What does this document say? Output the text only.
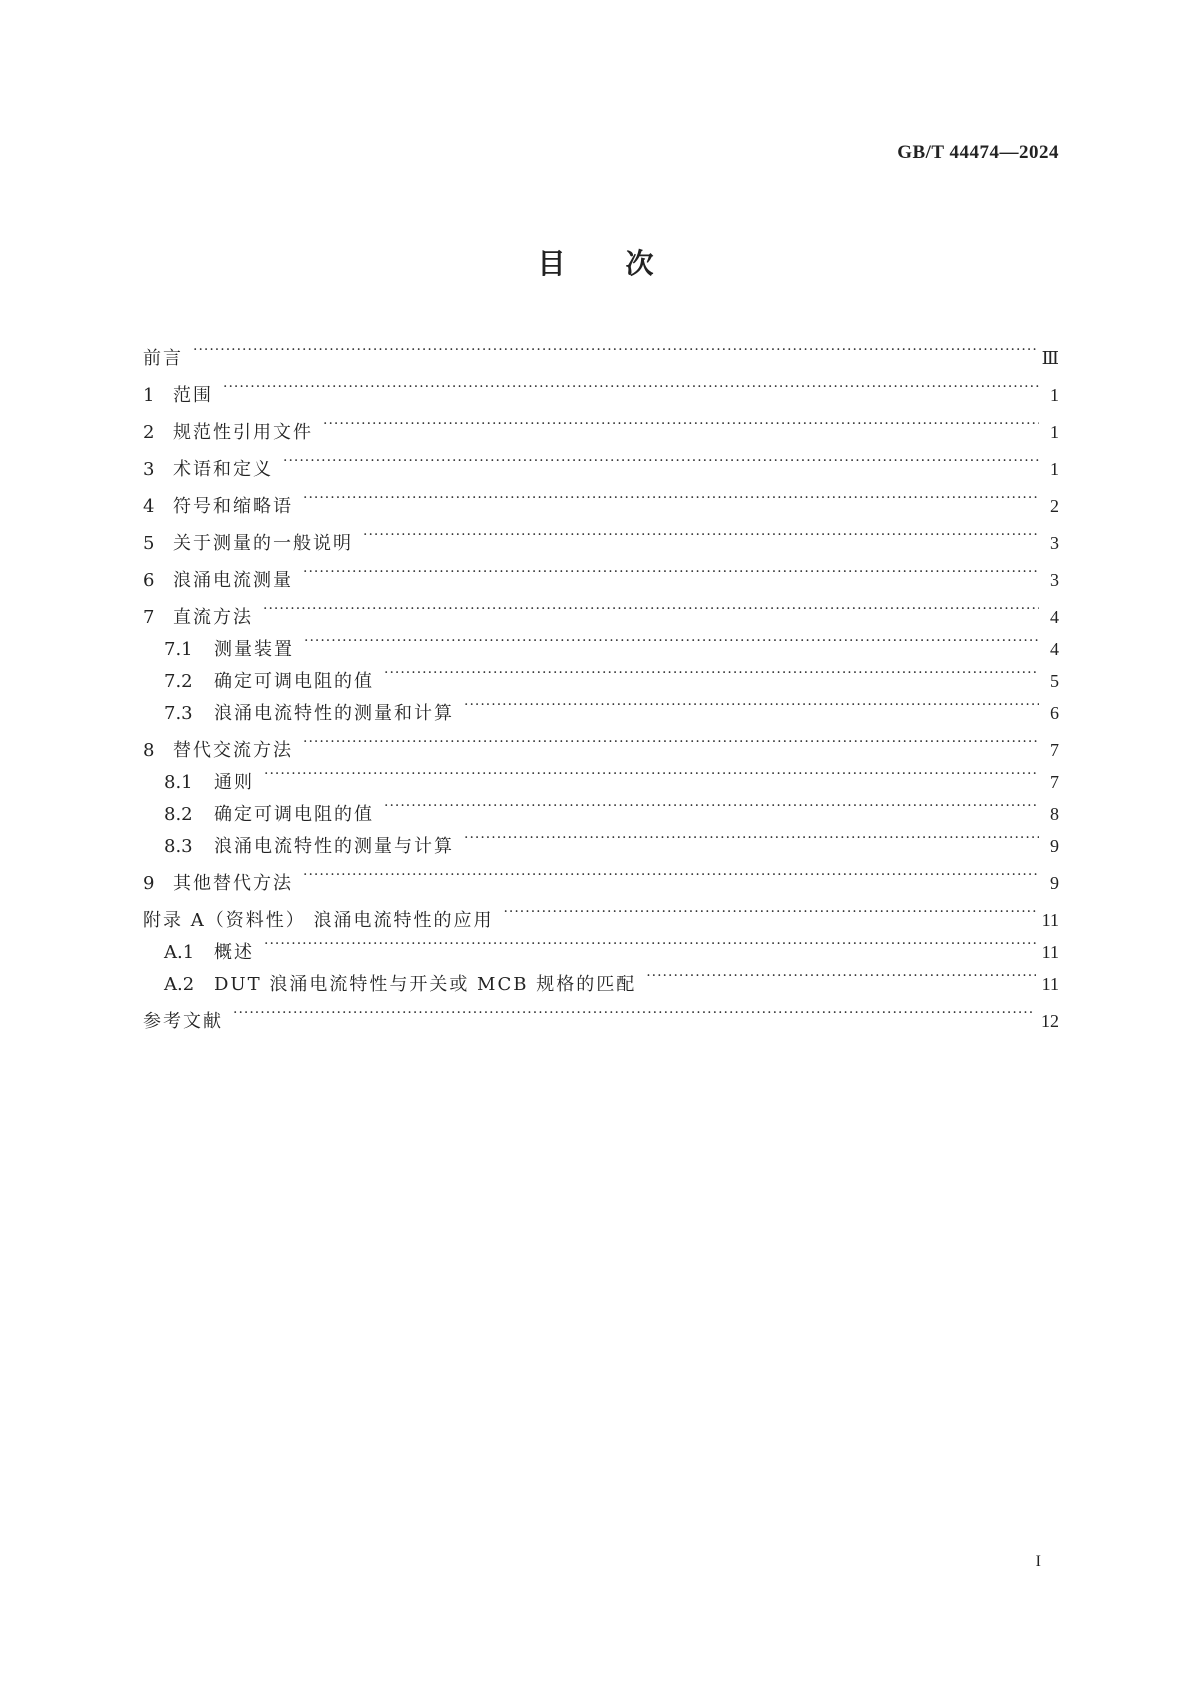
GB/T 44474—2024
目次
前言 ·····	Ⅲ
1	范围 ·····	1
2	规范性引用文件 ·····	1
3	术语和定义 ·····	1
4	符号和缩略语 ·····	2
5	关于测量的一般说明 ·····	3
6	浪涌电流测量 ·····	3
7	直流方法 ·····	4
7.1	测量装置 ·····	4
7.2	确定可调电阻的值 ·····	5
7.3	浪涌电流特性的测量和计算 ·····	6
8	替代交流方法 ·····	7
8.1	通则 ·····	7
8.2	确定可调电阻的值 ·····	8
8.3	浪涌电流特性的测量与计算 ·····	9
9	其他替代方法 ·····	9
附录 A（资料性） 浪涌电流特性的应用 ·····	11
A.1	概述 ·····	11
A.2	DUT 浪涌电流特性与开关或 MCB 规格的匹配 ·····	11
参考文献 ·····	12
I
